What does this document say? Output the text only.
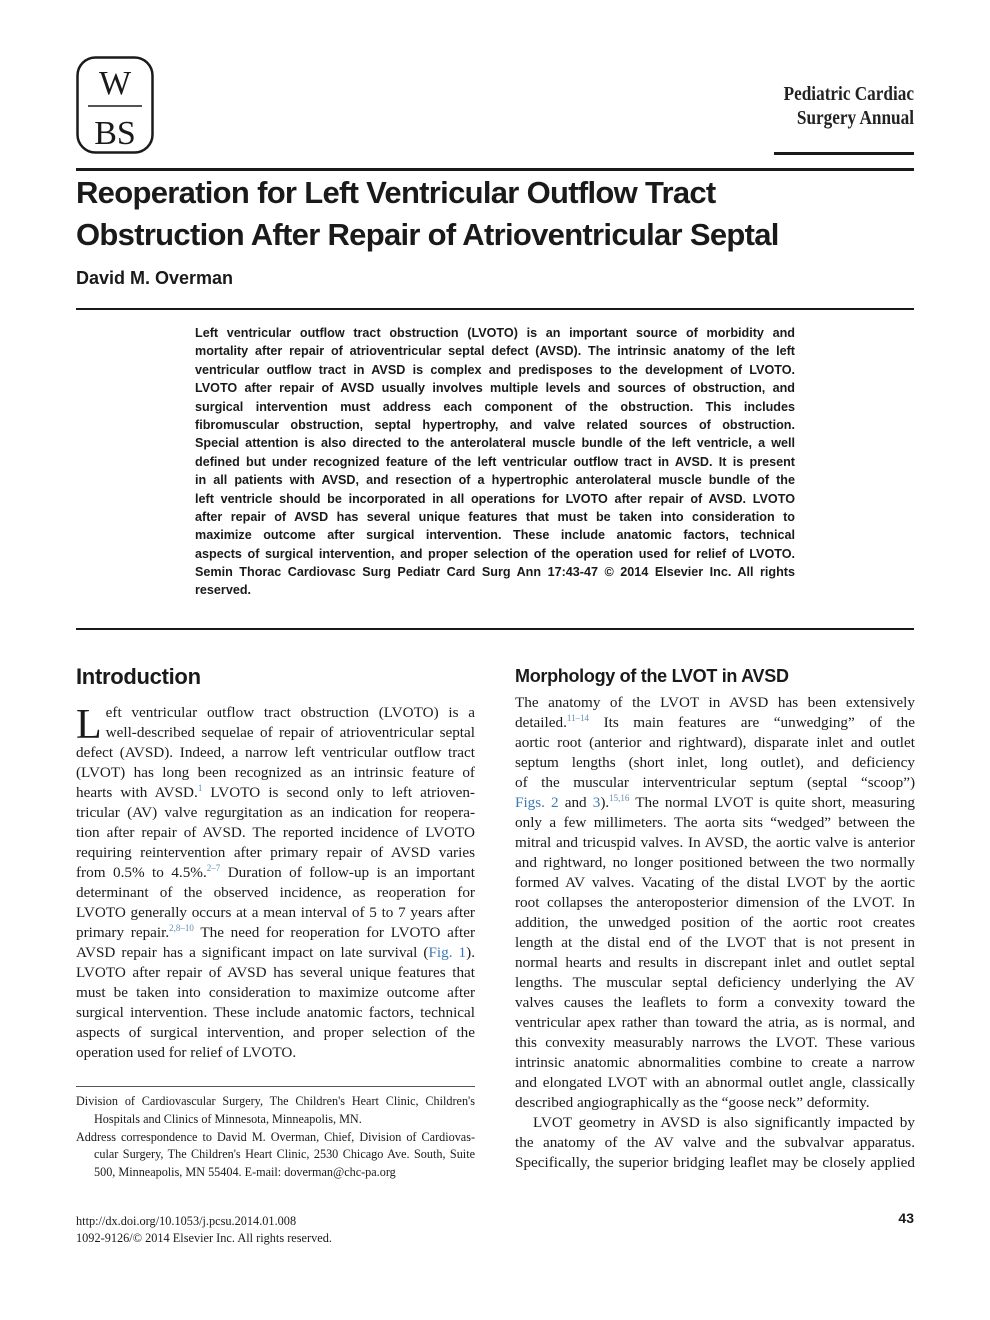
W
BS
Pediatric Cardiac
Surgery Annual
Reoperation for Left Ventricular Outflow Tract
Obstruction After Repair of Atrioventricular Septal
David M. Overman
Left ventricular outflow tract obstruction (LVOTO) is an important source of morbidity and
mortality after repair of atrioventricular septal defect (AVSD). The intrinsic anatomy of the left
ventricular outflow tract in AVSD is complex and predisposes to the development of LVOTO.
LVOTO after repair of AVSD usually involves multiple levels and sources of obstruction, and
surgical intervention must address each component of the obstruction. This includes
fibromuscular obstruction, septal hypertrophy, and valve related sources of obstruction.
Special attention is also directed to the anterolateral muscle bundle of the left ventricle, a well
defined but under recognized feature of the left ventricular outflow tract in AVSD. It is present
in all patients with AVSD, and resection of a hypertrophic anterolateral muscle bundle of the
left ventricle should be incorporated in all operations for LVOTO after repair of AVSD. LVOTO
after repair of AVSD has several unique features that must be taken into consideration to
maximize outcome after surgical intervention. These include anatomic factors, technical
aspects of surgical intervention, and proper selection of the operation used for relief of LVOTO.
Semin Thorac Cardiovasc Surg Pediatr Card Surg Ann 17:43-47 © 2014 Elsevier Inc. All rights
reserved.
Introduction
L eft ventricular outflow tract obstruction (LVOTO) is a
well-described sequelae of repair of atrioventricular septal
defect (AVSD). Indeed, a narrow left ventricular outflow tract
(LVOT) has long been recognized as an intrinsic feature of
hearts with AVSD.$^1$ LVOTO is second only to left atrioven-
tricular (AV) valve regurgitation as an indication for reopera-
tion after repair of AVSD. The reported incidence of LVOTO
requiring reintervention after primary repair of AVSD varies
from 0.5% to 4.5%.$^{2-7}$ Duration of follow-up is an important
determinant of the observed incidence, as reoperation for
LVOTO generally occurs at a mean interval of 5 to 7 years after
primary repair.$^{2,8-10}$ The need for reoperation for LVOTO after
AVSD repair has a significant impact on late survival (Fig. 1).
LVOTO after repair of AVSD has several unique features that
must be taken into consideration to maximize outcome after
surgical intervention. These include anatomic factors, technical
aspects of surgical intervention, and proper selection of the
operation used for relief of LVOTO.
Division of Cardiovascular Surgery, The Children's Heart Clinic, Children's
Hospitals and Clinics of Minnesota, Minneapolis, MN.
Address correspondence to David M. Overman, Chief, Division of Cardiovas-
cular Surgery, The Children's Heart Clinic, 2530 Chicago Ave. South, Suite
500, Minneapolis, MN 55404. E-mail: doverman@chc-pa.org
http://dx.doi.org/10.1053/j.pcsu.2014.01.008
1092-9126/© 2014 Elsevier Inc. All rights reserved.
43
Morphology of the LVOT in AVSD
The anatomy of the LVOT in AVSD has been extensively
detailed.$^{11-14}$ Its main features are “unwedging” of the
aortic root (anterior and rightward), disparate inlet and outlet
septum lengths (short inlet, long outlet), and deficiency
of the muscular interventricular septum (septal “scoop”)
Figs. 2 and 3).$^{15,16}$ The normal LVOT is quite short, measuring
only a few millimeters. The aorta sits “wedged” between the
mitral and tricuspid valves. In AVSD, the aortic valve is anterior
and rightward, no longer positioned between the two normally
formed AV valves. Vacating of the distal LVOT by the aortic
root collapses the anteroposterior dimension of the LVOT. In
addition, the unwedged position of the aortic root creates
length at the distal end of the LVOT that is not present in
normal hearts and results in discrepant inlet and outlet septal
lengths. The muscular septal deficiency underlying the AV
valves causes the leaflets to form a convexity toward the
ventricular apex rather than toward the atria, as is normal, and
this convexity measurably narrows the LVOT. These various
intrinsic anatomic abnormalities combine to create a narrow
and elongated LVOT with an abnormal outlet angle, classically
described angiographically as the “goose neck” deformity.
LVOT geometry in AVSD is also significantly impacted by
the anatomy of the AV valve and the subvalvar apparatus.
Specifically, the superior bridging leaflet may be closely applied
